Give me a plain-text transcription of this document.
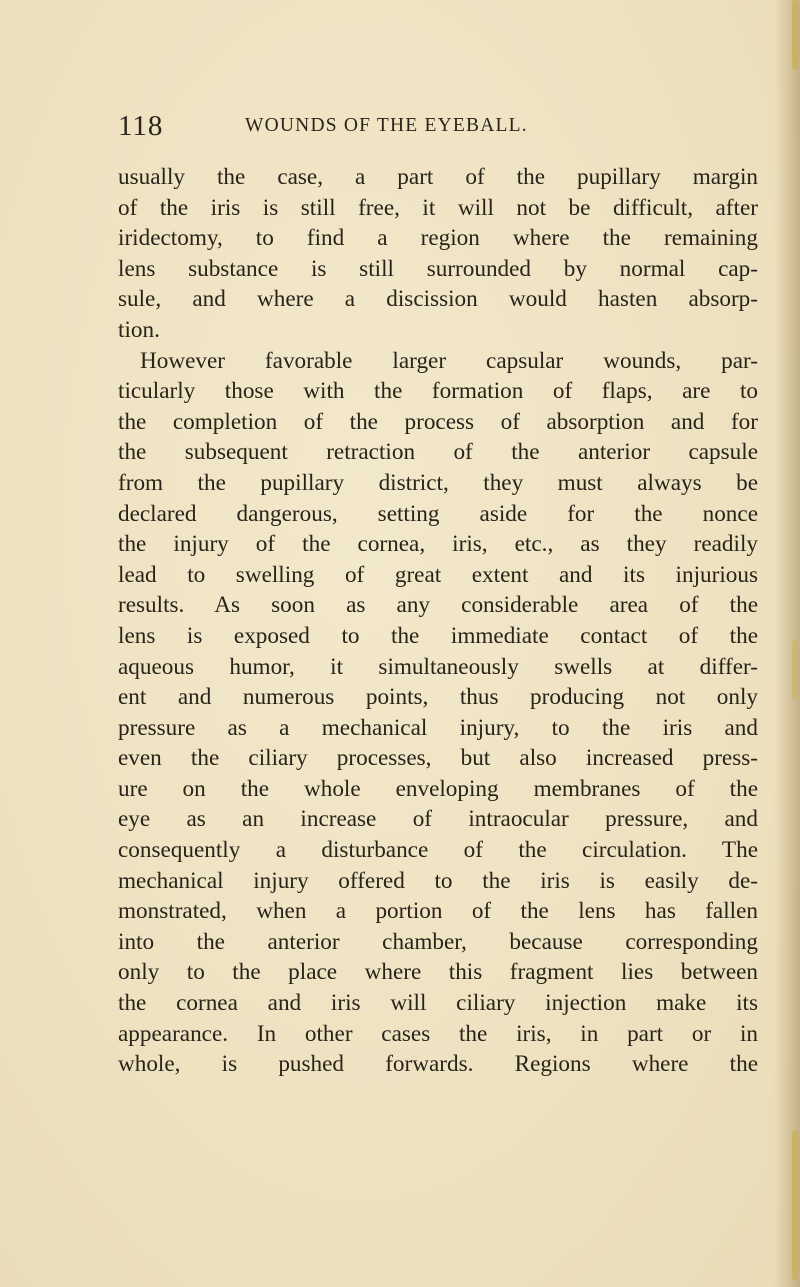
118	WOUNDS OF THE EYEBALL.
usually the case, a part of the pupillary margin
of the iris is still free, it will not be difficult, after
iridectomy, to find a region where the remaining
lens substance is still surrounded by normal cap-
sule, and where a discission would hasten absorp-
tion.
However favorable larger capsular wounds, par-
ticularly those with the formation of flaps, are to
the completion of the process of absorption and for
the subsequent retraction of the anterior capsule
from the pupillary district, they must always be
declared dangerous, setting aside for the nonce
the injury of the cornea, iris, etc., as they readily
lead to swelling of great extent and its injurious
results. As soon as any considerable area of the
lens is exposed to the immediate contact of the
aqueous humor, it simultaneously swells at differ-
ent and numerous points, thus producing not only
pressure as a mechanical injury, to the iris and
even the ciliary processes, but also increased press-
ure on the whole enveloping membranes of the
eye as an increase of intraocular pressure, and
consequently a disturbance of the circulation. The
mechanical injury offered to the iris is easily de-
monstrated, when a portion of the lens has fallen
into the anterior chamber, because corresponding
only to the place where this fragment lies between
the cornea and iris will ciliary injection make its
appearance. In other cases the iris, in part or in
whole, is pushed forwards. Regions where the
